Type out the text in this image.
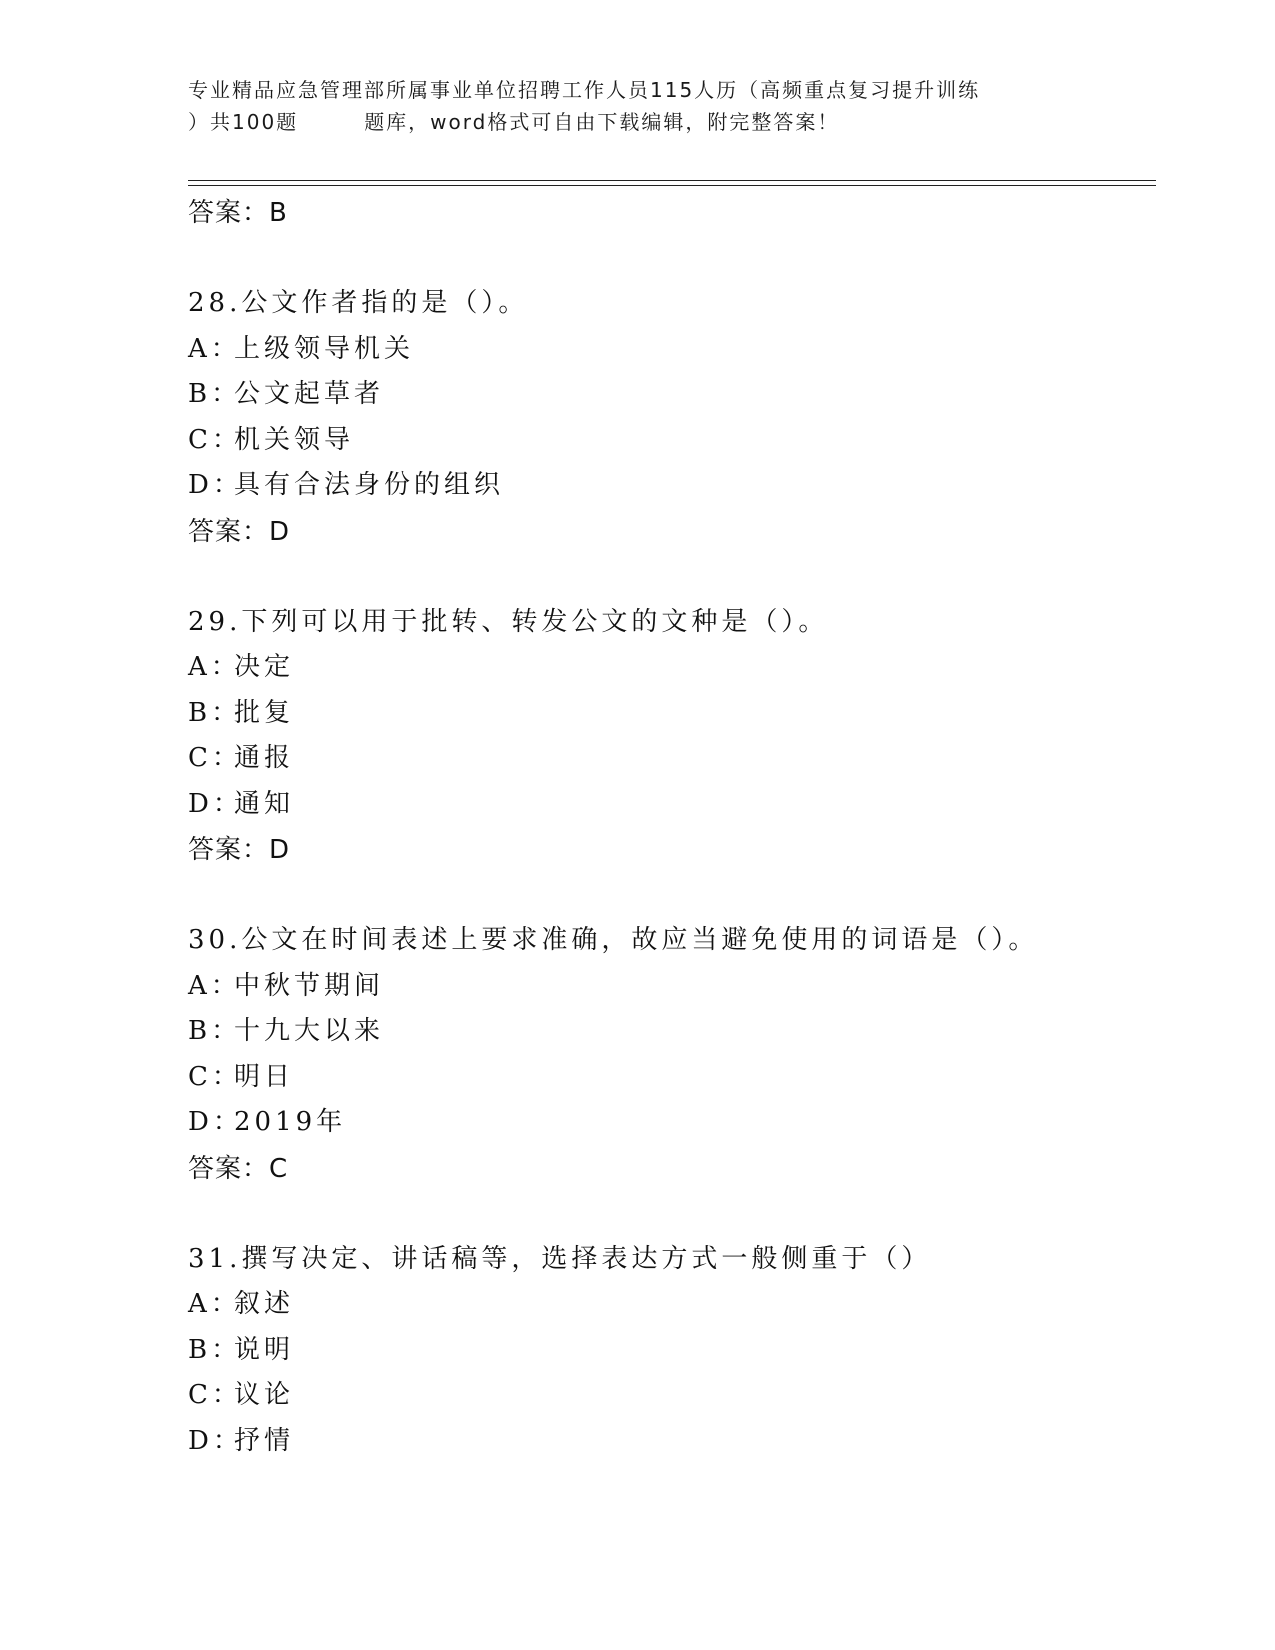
专业精品应急管理部所属事业单位招聘工作人员115人历（高频重点复习提升训练
）共100题	题库，word格式可自由下载编辑，附完整答案！
答案：B
28.公文作者指的是（）。
A：上级领导机关
B：公文起草者
C：机关领导
D：具有合法身份的组织
答案：D
29.下列可以用于批转、转发公文的文种是（）。
A：决定
B：批复
C：通报
D：通知
答案：D
30.公文在时间表述上要求准确，故应当避免使用的词语是（）。
A：中秋节期间
B：十九大以来
C：明日
D：2019年
答案：C
31.撰写决定、讲话稿等，选择表达方式一般侧重于（）
A：叙述
B：说明
C：议论
D：抒情
